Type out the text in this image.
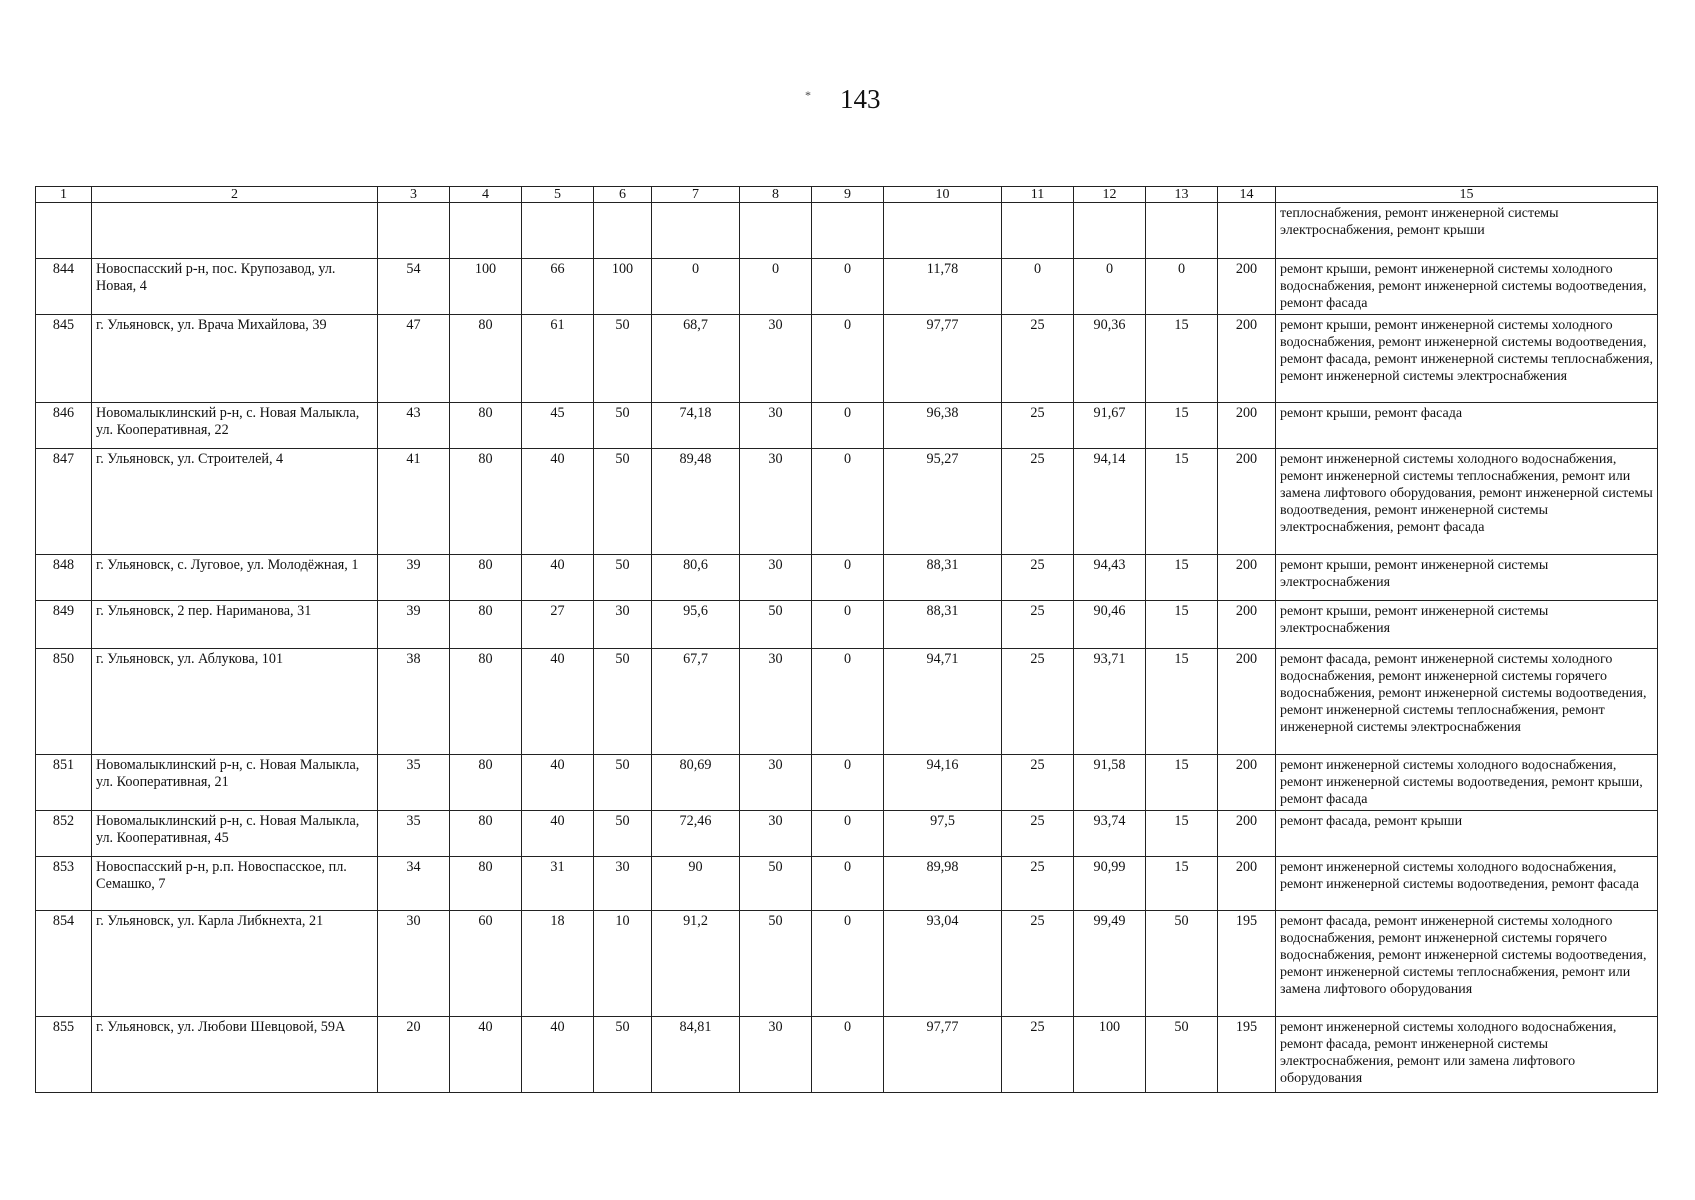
143
*
1	2	3	4	5	6	7	8	9	10	11	12	13	14	15
														теплоснабжения, ремонт инженерной системы электроснабжения, ремонт крыши
844	Новоспасский р-н, пос. Крупозавод, ул. Новая, 4	54	100	66	100	0	0	0	11,78	0	0	0	200	ремонт крыши, ремонт инженерной системы холодного водоснабжения, ремонт инженерной системы водоотведения, ремонт фасада
845	г. Ульяновск, ул. Врача Михайлова, 39	47	80	61	50	68,7	30	0	97,77	25	90,36	15	200	ремонт крыши, ремонт инженерной системы холодного водоснабжения, ремонт инженерной системы водоотведения, ремонт фасада, ремонт инженерной системы теплоснабжения, ремонт инженерной системы электроснабжения
846	Новомалыклинский р-н, с. Новая Малыкла, ул. Кооперативная, 22	43	80	45	50	74,18	30	0	96,38	25	91,67	15	200	ремонт крыши, ремонт фасада
847	г. Ульяновск, ул. Строителей, 4	41	80	40	50	89,48	30	0	95,27	25	94,14	15	200	ремонт инженерной системы холодного водоснабжения, ремонт инженерной системы теплоснабжения, ремонт или замена лифтового оборудования, ремонт инженерной системы водоотведения, ремонт инженерной системы электроснабжения, ремонт фасада
848	г. Ульяновск, с. Луговое, ул. Молодёжная, 1	39	80	40	50	80,6	30	0	88,31	25	94,43	15	200	ремонт крыши, ремонт инженерной системы электроснабжения
849	г. Ульяновск, 2 пер. Нариманова, 31	39	80	27	30	95,6	50	0	88,31	25	90,46	15	200	ремонт крыши, ремонт инженерной системы электроснабжения
850	г. Ульяновск, ул. Аблукова, 101	38	80	40	50	67,7	30	0	94,71	25	93,71	15	200	ремонт фасада, ремонт инженерной системы холодного водоснабжения, ремонт инженерной системы горячего водоснабжения, ремонт инженерной системы водоотведения, ремонт инженерной системы теплоснабжения, ремонт инженерной системы электроснабжения
851	Новомалыклинский р-н, с. Новая Малыкла, ул. Кооперативная, 21	35	80	40	50	80,69	30	0	94,16	25	91,58	15	200	ремонт инженерной системы холодного водоснабжения, ремонт инженерной системы водоотведения, ремонт крыши, ремонт фасада
852	Новомалыклинский р-н, с. Новая Малыкла, ул. Кооперативная, 45	35	80	40	50	72,46	30	0	97,5	25	93,74	15	200	ремонт фасада, ремонт крыши
853	Новоспасский р-н, р.п. Новоспасское, пл. Семашко, 7	34	80	31	30	90	50	0	89,98	25	90,99	15	200	ремонт инженерной системы холодного водоснабжения, ремонт инженерной системы водоотведения, ремонт фасада
854	г. Ульяновск, ул. Карла Либкнехта, 21	30	60	18	10	91,2	50	0	93,04	25	99,49	50	195	ремонт фасада, ремонт инженерной системы холодного водоснабжения, ремонт инженерной системы горячего водоснабжения, ремонт инженерной системы водоотведения, ремонт инженерной системы теплоснабжения, ремонт или замена лифтового оборудования
855	г. Ульяновск, ул. Любови Шевцовой, 59А	20	40	40	50	84,81	30	0	97,77	25	100	50	195	ремонт инженерной системы холодного водоснабжения, ремонт фасада, ремонт инженерной системы электроснабжения, ремонт или замена лифтового оборудования
